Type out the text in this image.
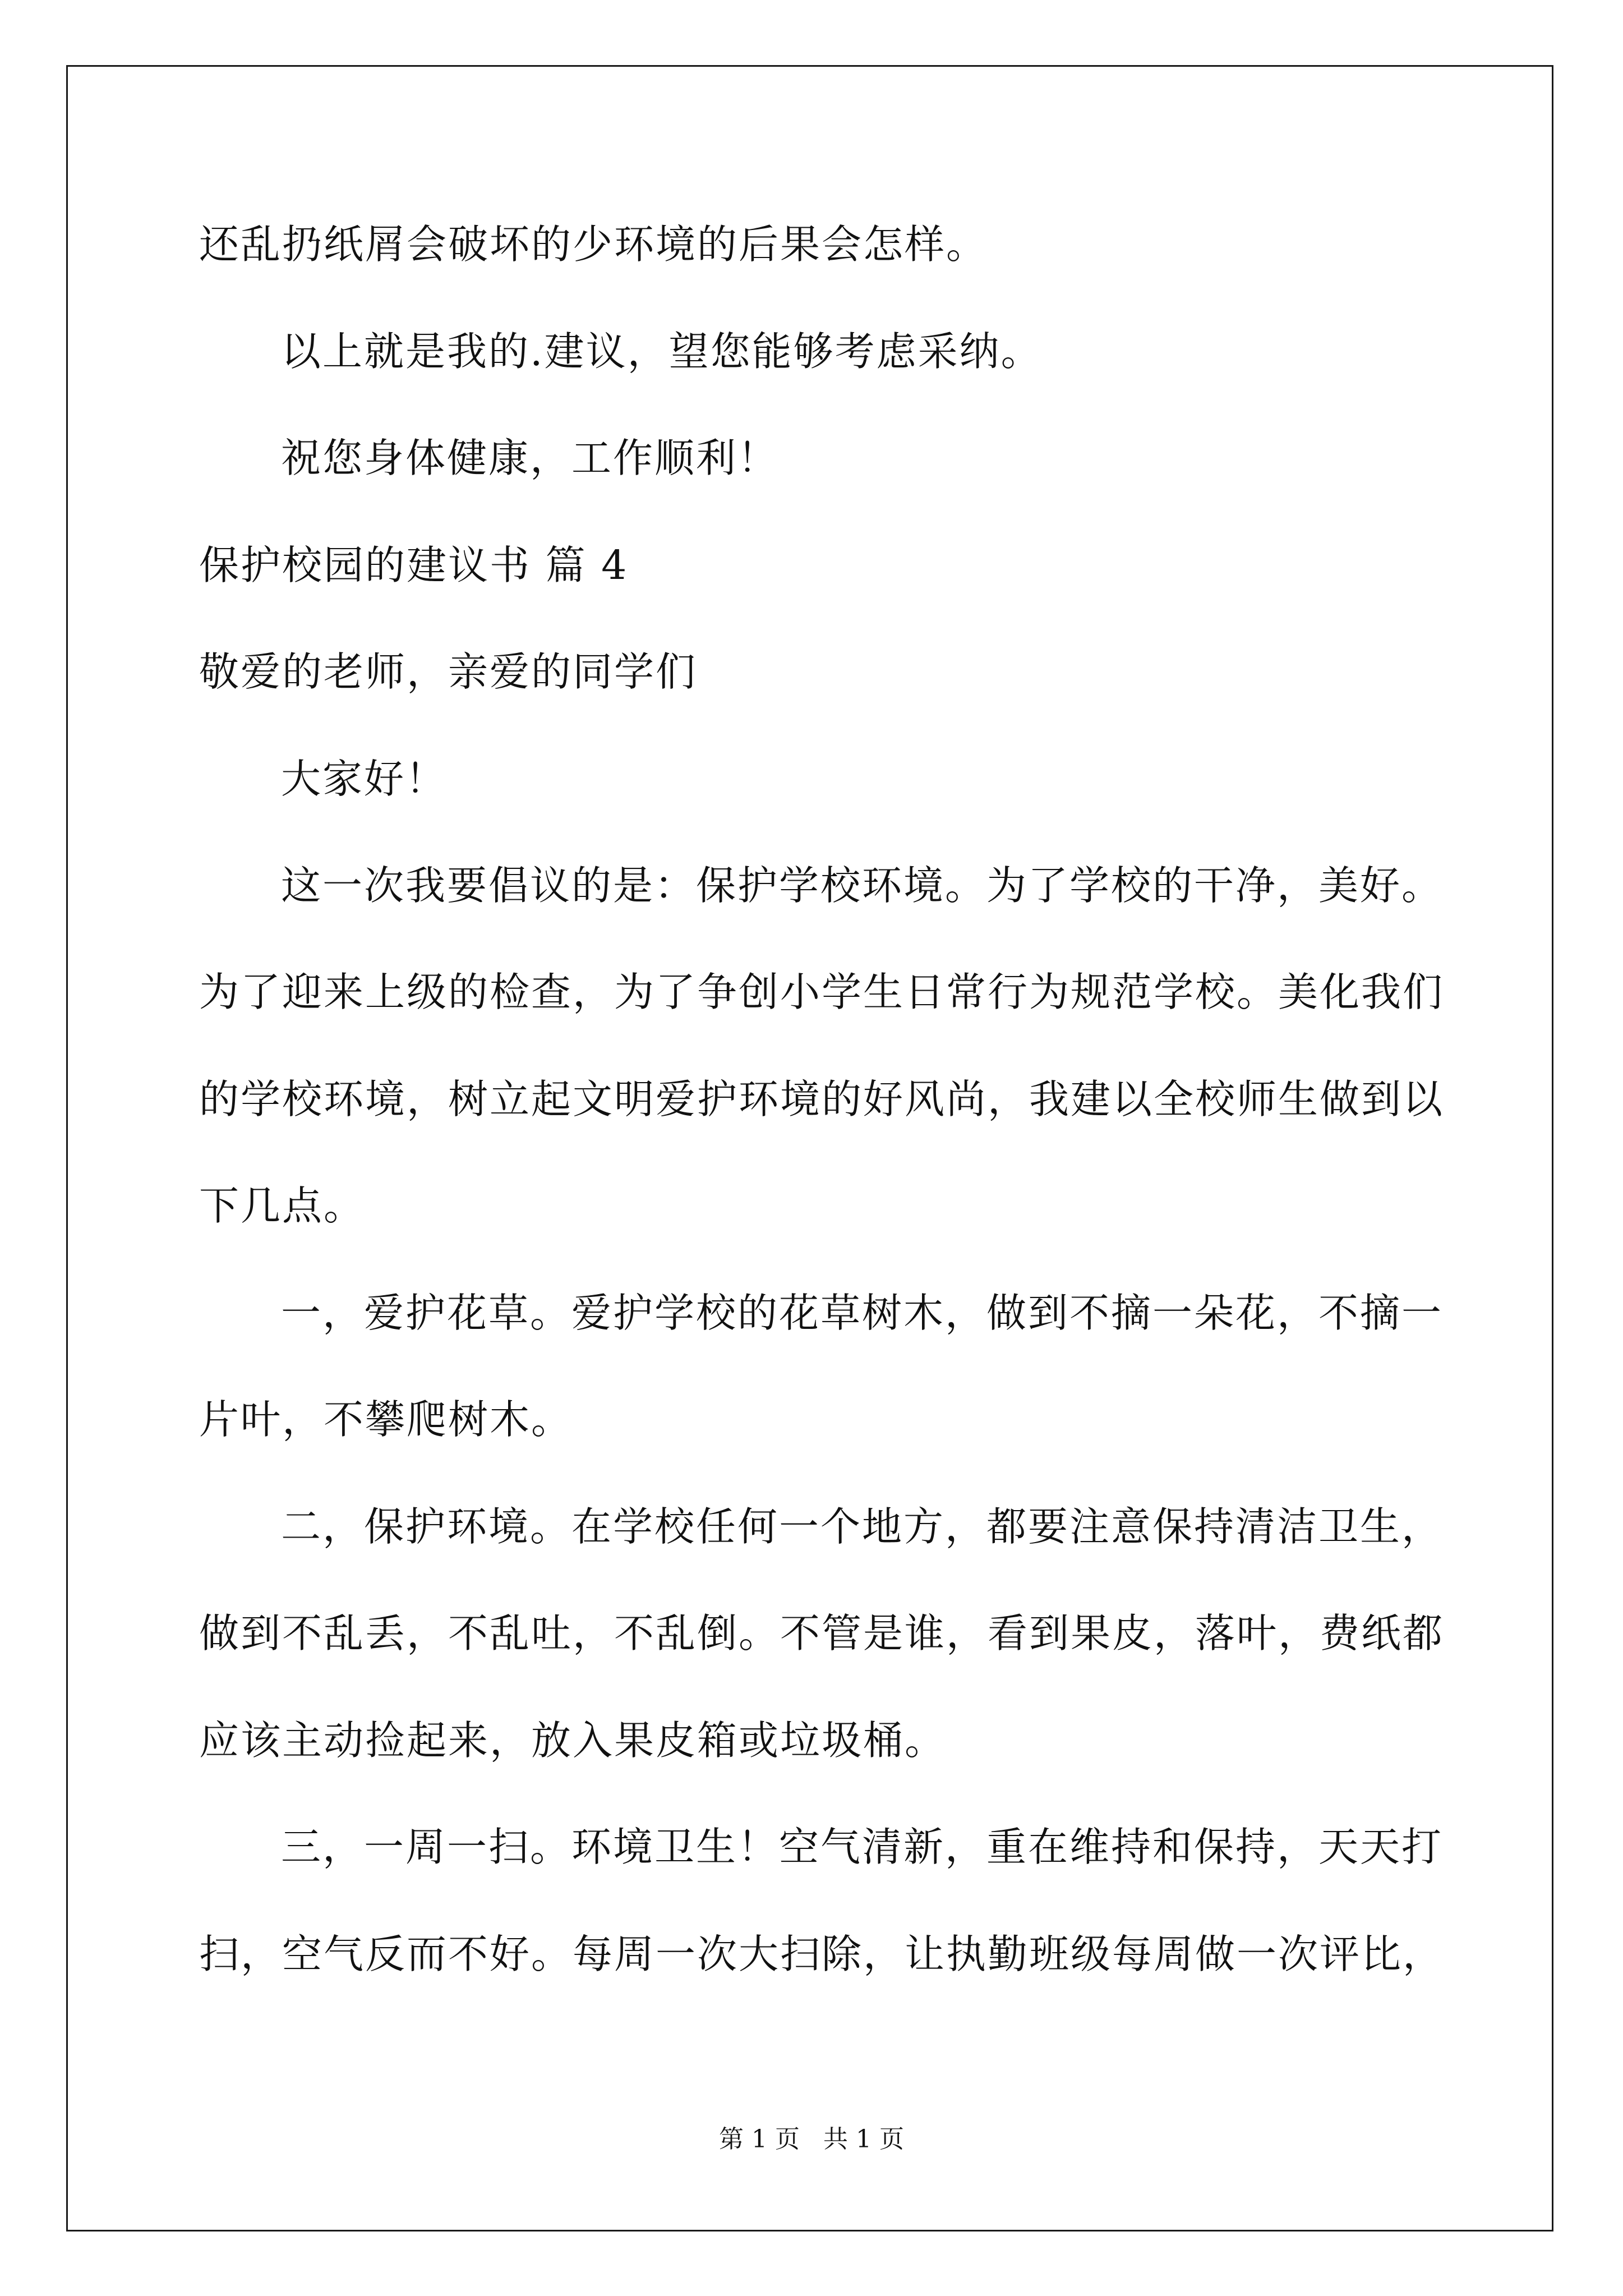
还乱扔纸屑会破坏的少环境的后果会怎样。
以上就是我的.建议，望您能够考虑采纳。
祝您身体健康，工作顺利！
保护校园的建议书 篇 4
敬爱的老师，亲爱的同学们
大家好！
这一次我要倡议的是：保护学校环境。为了学校的干净，美好。
为了迎来上级的检查，为了争创小学生日常行为规范学校。美化我们
的学校环境，树立起文明爱护环境的好风尚，我建以全校师生做到以
下几点。
一，爱护花草。爱护学校的花草树木，做到不摘一朵花，不摘一
片叶，不攀爬树木。
二，保护环境。在学校任何一个地方，都要注意保持清洁卫生，
做到不乱丢，不乱吐，不乱倒。不管是谁，看到果皮，落叶，费纸都
应该主动捡起来，放入果皮箱或垃圾桶。
三，一周一扫。环境卫生！空气清新，重在维持和保持，天天打
扫，空气反而不好。每周一次大扫除，让执勤班级每周做一次评比，
第 1 页 共 1 页
